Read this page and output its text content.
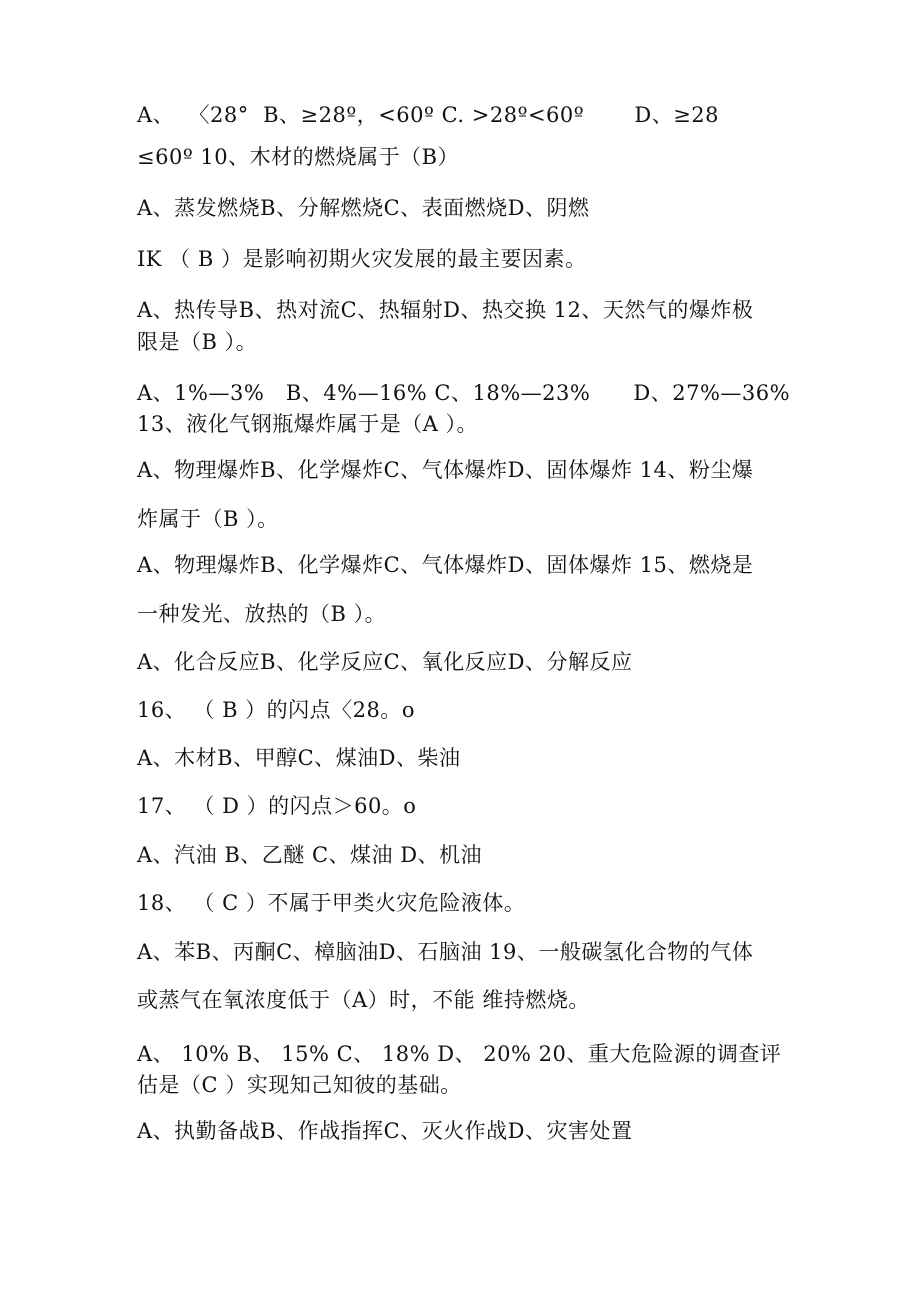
A、  〈28°  B、≥28º，<60º C. >28º<60º       D、≥28
≤60º 10、木材的燃烧属于（B）
A、蒸发燃烧B、分解燃烧C、表面燃烧D、阴燃
IK （ B ）是影响初期火灾发展的最主要因素。
A、热传导B、热对流C、热辐射D、热交换 12、天然气的爆炸极
限是（B ）。
A、1%—3%   B、4%—16% C、18%—23%      D、27%—36%
13、液化气钢瓶爆炸属于是（A ）。
A、物理爆炸B、化学爆炸C、气体爆炸D、固体爆炸 14、粉尘爆
炸属于（B ）。
A、物理爆炸B、化学爆炸C、气体爆炸D、固体爆炸 15、燃烧是
一种发光、放热的（B ）。
A、化合反应B、化学反应C、氧化反应D、分解反应
16、 （ B ）的闪点〈28。o
A、木材B、甲醇C、煤油D、柴油
17、 （ D ）的闪点＞60。o
A、汽油 B、乙醚 C、煤油 D、机油
18、 （ C ）不属于甲类火灾危险液体。
A、苯B、丙酮C、樟脑油D、石脑油 19、一般碳氢化合物的气体
或蒸气在氧浓度低于（A）时，不能 维持燃烧。
A、 10% B、 15% C、 18% D、 20% 20、重大危险源的调查评
估是（C ）实现知己知彼的基础。
A、执勤备战B、作战指挥C、灭火作战D、灾害处置
